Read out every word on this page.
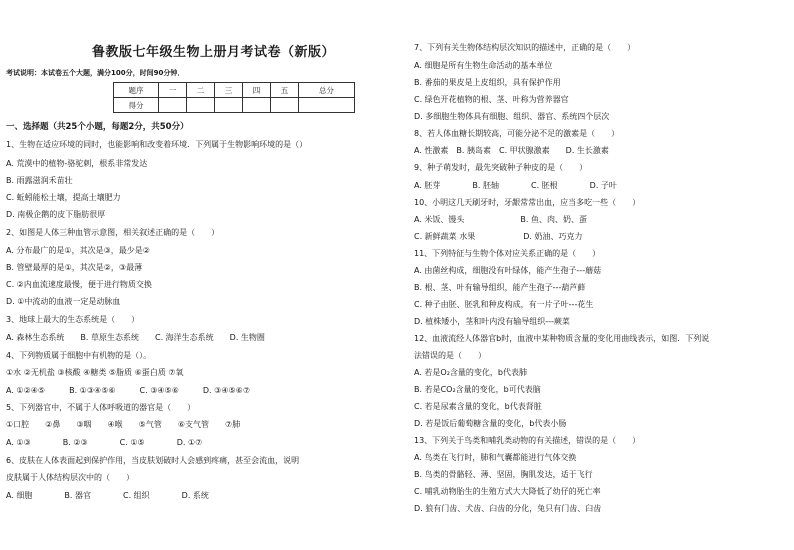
鲁教版七年级生物上册月考试卷（新版）
考试说明：本试卷五个大题，满分100分，时间90分钟．
题序	一	二	三	四	五	总分
得分						
一、选择题（共25个小题，每题2分，共50分）
1、生物在适应环境的同时，也能影响和改变着环境．下列属于生物影响环境的是（）
A. 荒漠中的植物-骆驼刺，根系非常发达
B. 雨露滋润禾苗壮
C. 蚯蚓能松土壤，提高土壤肥力
D. 南极企鹅的皮下脂肪很厚
2、如图是人体三种血管示意图，相关叙述正确的是（　　）
A. 分布最广的是①，其次是③，最少是②
B. 管壁最厚的是①，其次是②，③最薄
C. ②内血流速度最慢，便于进行物质交换
D. ①中流动的血液一定是动脉血
3、地球上最大的生态系统是（　　）
A. 森林生态系统　　B. 草原生态系统　　C. 海洋生态系统　　D. 生物圈
4、下列物质属于细胞中有机物的是（）。
①水 ②无机盐 ③核酸 ④糖类 ⑤脂质 ⑥蛋白质 ⑦氧
A. ①②④⑤　　　B. ①③④⑤⑥　　　C. ③④⑤⑥　　　D. ③④⑤⑥⑦
5、下列器官中，不属于人体呼吸道的器官是（　　）
①口腔　　②鼻　　③咽　　④喉　　⑤气管　　⑥支气管　　⑦肺
A. ①③　　　　B. ②③　　　　C. ①⑤　　　　D. ①⑦
6、皮肤在人体表面起到保护作用，当皮肤划破时人会感到疼痛，甚至会流血，说明
皮肤属于人体结构层次中的（　　）
A. 细胞　　　　B. 器官　　　　C. 组织　　　　D. 系统
7、下列有关生物体结构层次知识的描述中，正确的是（　　）
A. 细胞是所有生物生命活动的基本单位
B. 番茄的果皮是上皮组织，具有保护作用
C. 绿色开花植物的根、茎、叶称为营养器官
D. 多细胞生物体具有细胞、组织、器官、系统四个层次
8、若人体血糖长期较高，可能分泌不足的激素是（　　）
A. 性激素　B. 胰岛素　C. 甲状腺激素　　D. 生长激素
9、种子萌发时，最先突破种子种皮的是（　　）
A. 胚芽　　　　B. 胚轴　　　　C. 胚根　　　　D. 子叶
10、小明这几天刷牙时，牙龈常常出血，应当多吃一些（　　）
A. 米饭、馒头　　　　　　　B. 鱼、肉、奶、蛋
C. 新鲜蔬菜 水果　　　　　　D. 奶油、巧克力
11、下列特征与生物个体对应关系正确的是（　　）
A. 由菌丝构成，细胞没有叶绿体，能产生孢子---蘑菇
B. 根、茎、叶有输导组织，能产生孢子---葫芦藓
C. 种子由胚、胚乳和种皮构成，有一片子叶---花生
D. 植株矮小，茎和叶内没有输导组织---蕨菜
12、血液流经人体器官b时，血液中某种物质含量的变化用曲线表示，如图．下列说
法错误的是（　　）
A. 若是O₂含量的变化，b代表肺
B. 若是CO₂含量的变化，b可代表脑
C. 若是尿素含量的变化，b代表肾脏
D. 若是饭后葡萄糖含量的变化，b代表小肠
13、下列关于鸟类和哺乳类动物的有关描述，错误的是（　　）
A. 鸟类在飞行时，肺和气囊都能进行气体交换
B. 鸟类的骨骼轻、薄、坚固，胸肌发达，适于飞行
C. 哺乳动物胎生的生殖方式大大降低了幼仔的死亡率
D. 狼有门齿、犬齿、臼齿的分化，兔只有门齿、臼齿
